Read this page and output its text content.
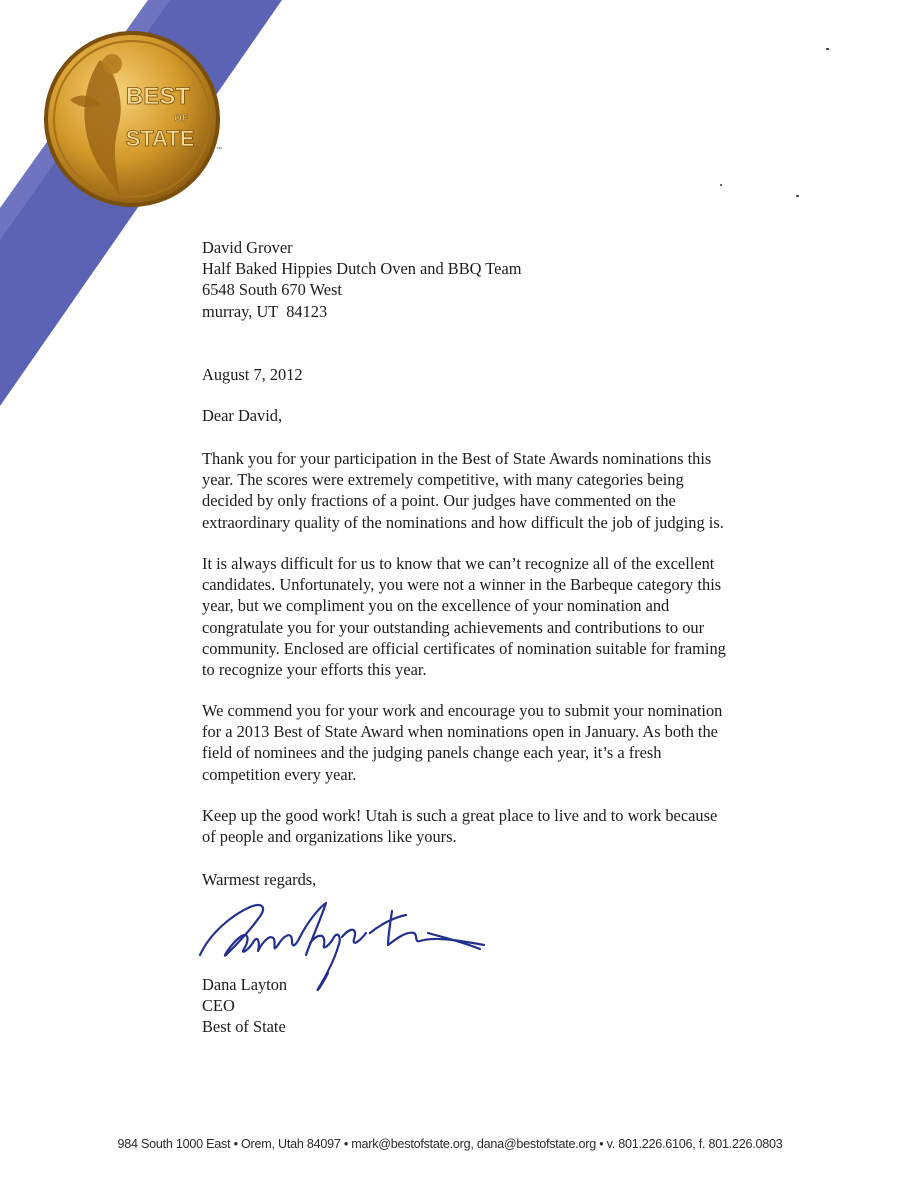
BEST
OF
STATE	™

David Grover

Half Baked Hippies Dutch Oven and BBQ Team

6548 South 670 West

murray, UT  84123

August 7, 2012
Dear David,
Thank you for your participation in the Best of State Awards nominations this
year. The scores were extremely competitive, with many categories being
decided by only fractions of a point. Our judges have commented on the
extraordinary quality of the nominations and how difficult the job of judging is.
It is always difficult for us to know that we can’t recognize all of the excellent
candidates. Unfortunately, you were not a winner in the Barbeque category this
year, but we compliment you on the excellence of your nomination and
congratulate you for your outstanding achievements and contributions to our
community. Enclosed are official certificates of nomination suitable for framing
to recognize your efforts this year.
We commend you for your work and encourage you to submit your nomination
for a 2013 Best of State Award when nominations open in January. As both the
field of nominees and the judging panels change each year, it’s a fresh
competition every year.
Keep up the good work! Utah is such a great place to live and to work because
of people and organizations like yours.
Warmest regards,
Dana Layton
CEO
Best of State
984 South 1000 East • Orem, Utah 84097 • mark@bestofstate.org, dana@bestofstate.org • v. 801.226.6106, f. 801.226.0803
